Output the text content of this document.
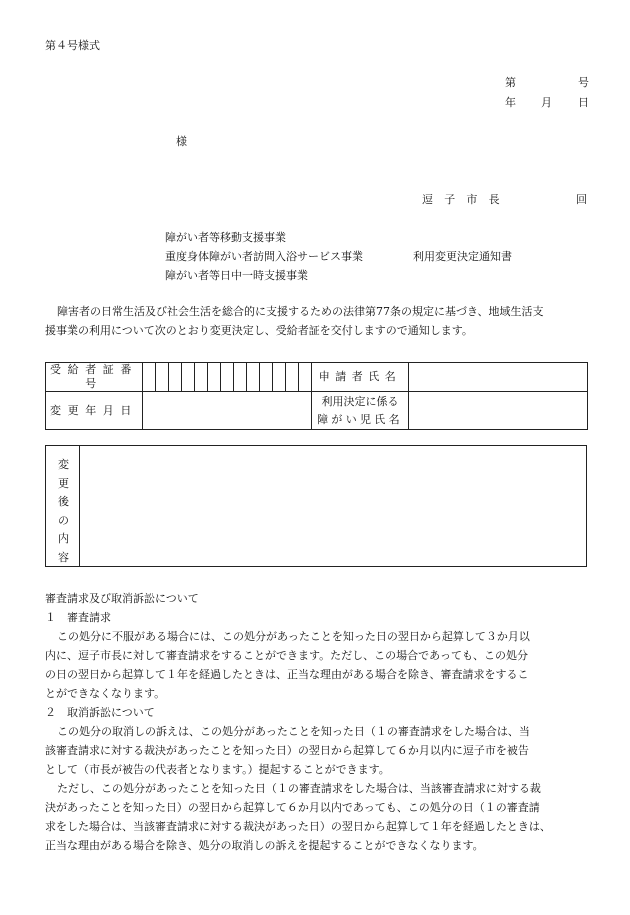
第４号様式
第	号
年 月 日
様
逗 子 市 長	回
障がい者等移動支援事業
重度身体障がい者訪問入浴サービス事業	利用変更決定通知書
障がい者等日中一時支援事業
障害者の日常生活及び社会生活を総合的に支援するための法律第77条の規定に基づき、地域生活支
援事業の利用について次のとおり変更決定し、受給者証を交付しますので通知します。
受給者証番号														申請者氏名	
変更年月日														利用決定に係る
障がい児氏名	

変
更
後
の
内
容
審査請求及び取消訴訟について
１　審査請求
この処分に不服がある場合には、この処分があったことを知った日の翌日から起算して３か月以
内に、逗子市長に対して審査請求をすることができます。ただし、この場合であっても、この処分
の日の翌日から起算して１年を経過したときは、正当な理由がある場合を除き、審査請求をするこ
とができなくなります。
２　取消訴訟について
この処分の取消しの訴えは、この処分があったことを知った日（１の審査請求をした場合は、当
該審査請求に対する裁決があったことを知った日）の翌日から起算して６か月以内に逗子市を被告
として（市長が被告の代表者となります。）提起することができます。
ただし、この処分があったことを知った日（１の審査請求をした場合は、当該審査請求に対する裁
決があったことを知った日）の翌日から起算して６か月以内であっても、この処分の日（１の審査請
求をした場合は、当該審査請求に対する裁決があった日）の翌日から起算して１年を経過したときは、
正当な理由がある場合を除き、処分の取消しの訴えを提起することができなくなります。
